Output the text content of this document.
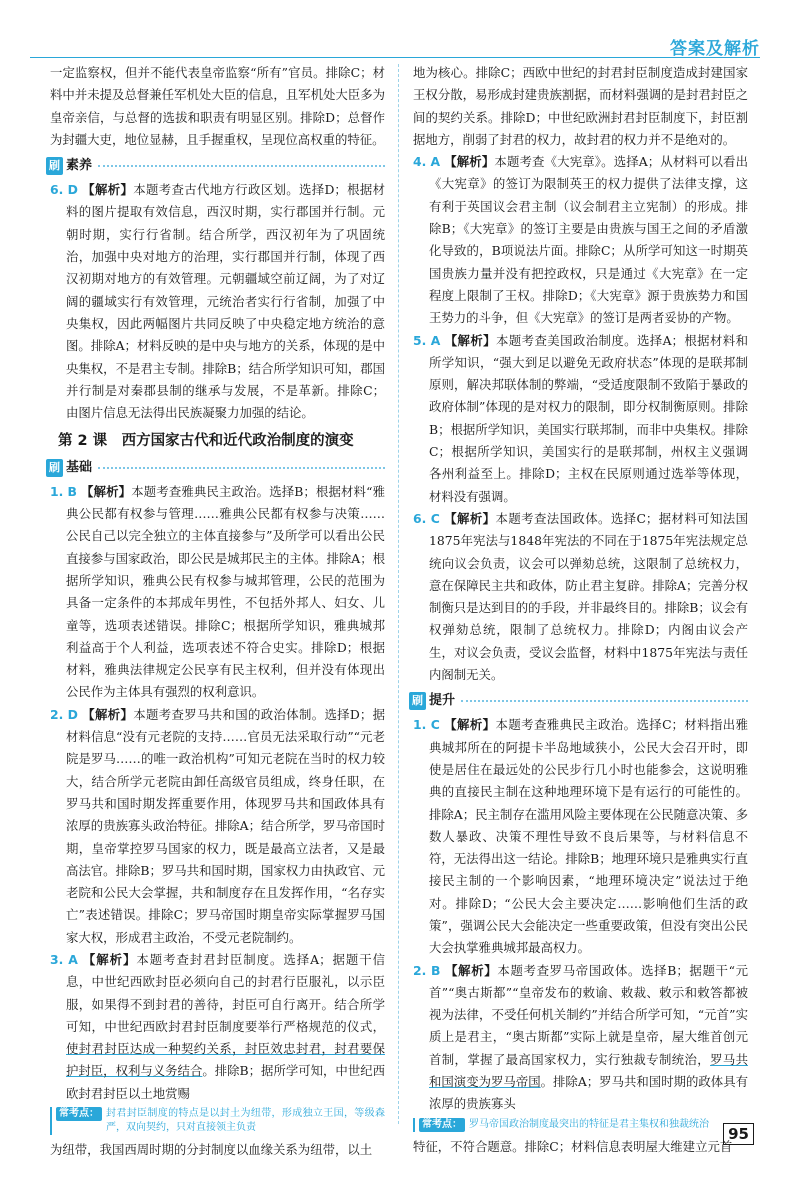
答案及解析

一定监察权，但并不能代表皇帝监察“所有”官员。排除C；材料中并未提及总督兼任军机处大臣的信息，且军机处大臣多为皇帝亲信，与总督的选拔和职责有明显区别。排除D；总督作为封疆大吏，地位显赫，且手握重权，呈现位高权重的特征。

刷 素养

6. D 【解析】本题考查古代地方行政区划。选择D；根据材料的图片提取有效信息，西汉时期，实行郡国并行制。元朝时期，实行行省制。结合所学，西汉初年为了巩固统治，加强中央对地方的治理，实行郡国并行制，体现了西汉初期对地方的有效管理。元朝疆域空前辽阔，为了对辽阔的疆域实行有效管理，元统治者实行行省制，加强了中央集权，因此两幅图片共同反映了中央稳定地方统治的意图。排除A；材料反映的是中央与地方的关系，体现的是中央集权，不是君主专制。排除B；结合所学知识可知，郡国并行制是对秦郡县制的继承与发展，不是革新。排除C；由图片信息无法得出民族凝聚力加强的结论。

第 2 课　西方国家古代和近代政治制度的演变
刷 基础

1. B 【解析】本题考查雅典民主政治。选择B；根据材料“雅典公民都有权参与管理……雅典公民都有权参与决策……公民自己以完全独立的主体直接参与”及所学可以看出公民直接参与国家政治，即公民是城邦民主的主体。排除A；根据所学知识，雅典公民有权参与城邦管理，公民的范围为具备一定条件的本邦成年男性，不包括外邦人、妇女、儿童等，选项表述错误。排除C；根据所学知识，雅典城邦利益高于个人利益，选项表述不符合史实。排除D；根据材料，雅典法律规定公民享有民主权利，但并没有体现出公民作为主体具有强烈的权利意识。

2. D 【解析】本题考查罗马共和国的政治体制。选择D；据材料信息“没有元老院的支持……官员无法采取行动”“元老院是罗马……的唯一政治机构”可知元老院在当时的权力较大，结合所学元老院由卸任高级官员组成，终身任职，在罗马共和国时期发挥重要作用，体现罗马共和国政体具有浓厚的贵族寡头政治特征。排除A；结合所学，罗马帝国时期，皇帝掌控罗马国家的权力，既是最高立法者，又是最高法官。排除B；罗马共和国时期，国家权力由执政官、元老院和公民大会掌握，共和制度存在且发挥作用，“名存实亡”表述错误。排除C；罗马帝国时期皇帝实际掌握罗马国家大权，形成君主政治，不受元老院制约。

3. A 【解析】本题考查封君封臣制度。选择A；据题干信息，中世纪西欧封臣必须向自己的封君行臣服礼，以示臣服，如果得不到封君的善待，封臣可自行离开。结合所学可知，中世纪西欧封君封臣制度要举行严格规范的仪式，使封君封臣达成一种契约关系，封臣效忠封君，封君要保护封臣，权利与义务结合。排除B；据所学可知，中世纪西欧封君封臣以土地赏赐

常考点： 封君封臣制度的特点是以封土为纽带，形成独立王国，等级森严，双向契约，只对直接领主负责

为纽带，我国西周时期的分封制度以血缘关系为纽带，以土

地为核心。排除C；西欧中世纪的封君封臣制度造成封建国家王权分散，易形成封建贵族割据，而材料强调的是封君封臣之间的契约关系。排除D；中世纪欧洲封君封臣制度下，封臣割据地方，削弱了封君的权力，故封君的权力并不是绝对的。

4. A 【解析】本题考查《大宪章》。选择A；从材料可以看出《大宪章》的签订为限制英王的权力提供了法律支撑，这有利于英国议会君主制（议会制君主立宪制）的形成。排除B；《大宪章》的签订主要是由贵族与国王之间的矛盾激化导致的，B项说法片面。排除C；从所学可知这一时期英国贵族力量并没有把控政权，只是通过《大宪章》在一定程度上限制了王权。排除D；《大宪章》源于贵族势力和国王势力的斗争，但《大宪章》的签订是两者妥协的产物。

5. A 【解析】本题考查美国政治制度。选择A；根据材料和所学知识，“强大到足以避免无政府状态”体现的是联邦制原则，解决邦联体制的弊端，“受适度限制不致陷于暴政的政府体制”体现的是对权力的限制，即分权制衡原则。排除B；根据所学知识，美国实行联邦制，而非中央集权。排除C；根据所学知识，美国实行的是联邦制，州权主义强调各州利益至上。排除D；主权在民原则通过选举等体现，材料没有强调。

6. C 【解析】本题考查法国政体。选择C；据材料可知法国1875年宪法与1848年宪法的不同在于1875年宪法规定总统向议会负责，议会可以弹劾总统，这限制了总统权力，意在保障民主共和政体，防止君主复辟。排除A；完善分权制衡只是达到目的的手段，并非最终目的。排除B；议会有权弹劾总统，限制了总统权力。排除D；内阁由议会产生，对议会负责，受议会监督，材料中1875年宪法与责任内阁制无关。

刷 提升

1. C 【解析】本题考查雅典民主政治。选择C；材料指出雅典城邦所在的阿提卡半岛地域狭小，公民大会召开时，即使是居住在最远处的公民步行几小时也能参会，这说明雅典的直接民主制在这种地理环境下是有运行的可能性的。排除A；民主制存在滥用风险主要体现在公民随意决策、多数人暴政、决策不理性导致不良后果等，与材料信息不符，无法得出这一结论。排除B；地理环境只是雅典实行直接民主制的一个影响因素，“地理环境决定”说法过于绝对。排除D；“公民大会主要决定……影响他们生活的政策”，强调公民大会能决定一些重要政策，但没有突出公民大会执掌雅典城邦最高权力。

2. B 【解析】本题考查罗马帝国政体。选择B；据题干“元首”“奥古斯都”“皇帝发布的敕谕、敕裁、敕示和敕答都被视为法律，不受任何机关制约”并结合所学可知，“元首”实质上是君主，“奥古斯都”实际上就是皇帝，屋大维首创元首制，掌握了最高国家权力，实行独裁专制统治，罗马共和国演变为罗马帝国。排除A；罗马共和国时期的政体具有浓厚的贵族寡头

常考点： 罗马帝国政治制度最突出的特征是君主集权和独裁统治

特征，不符合题意。排除C；材料信息表明屋大维建立元首

95
